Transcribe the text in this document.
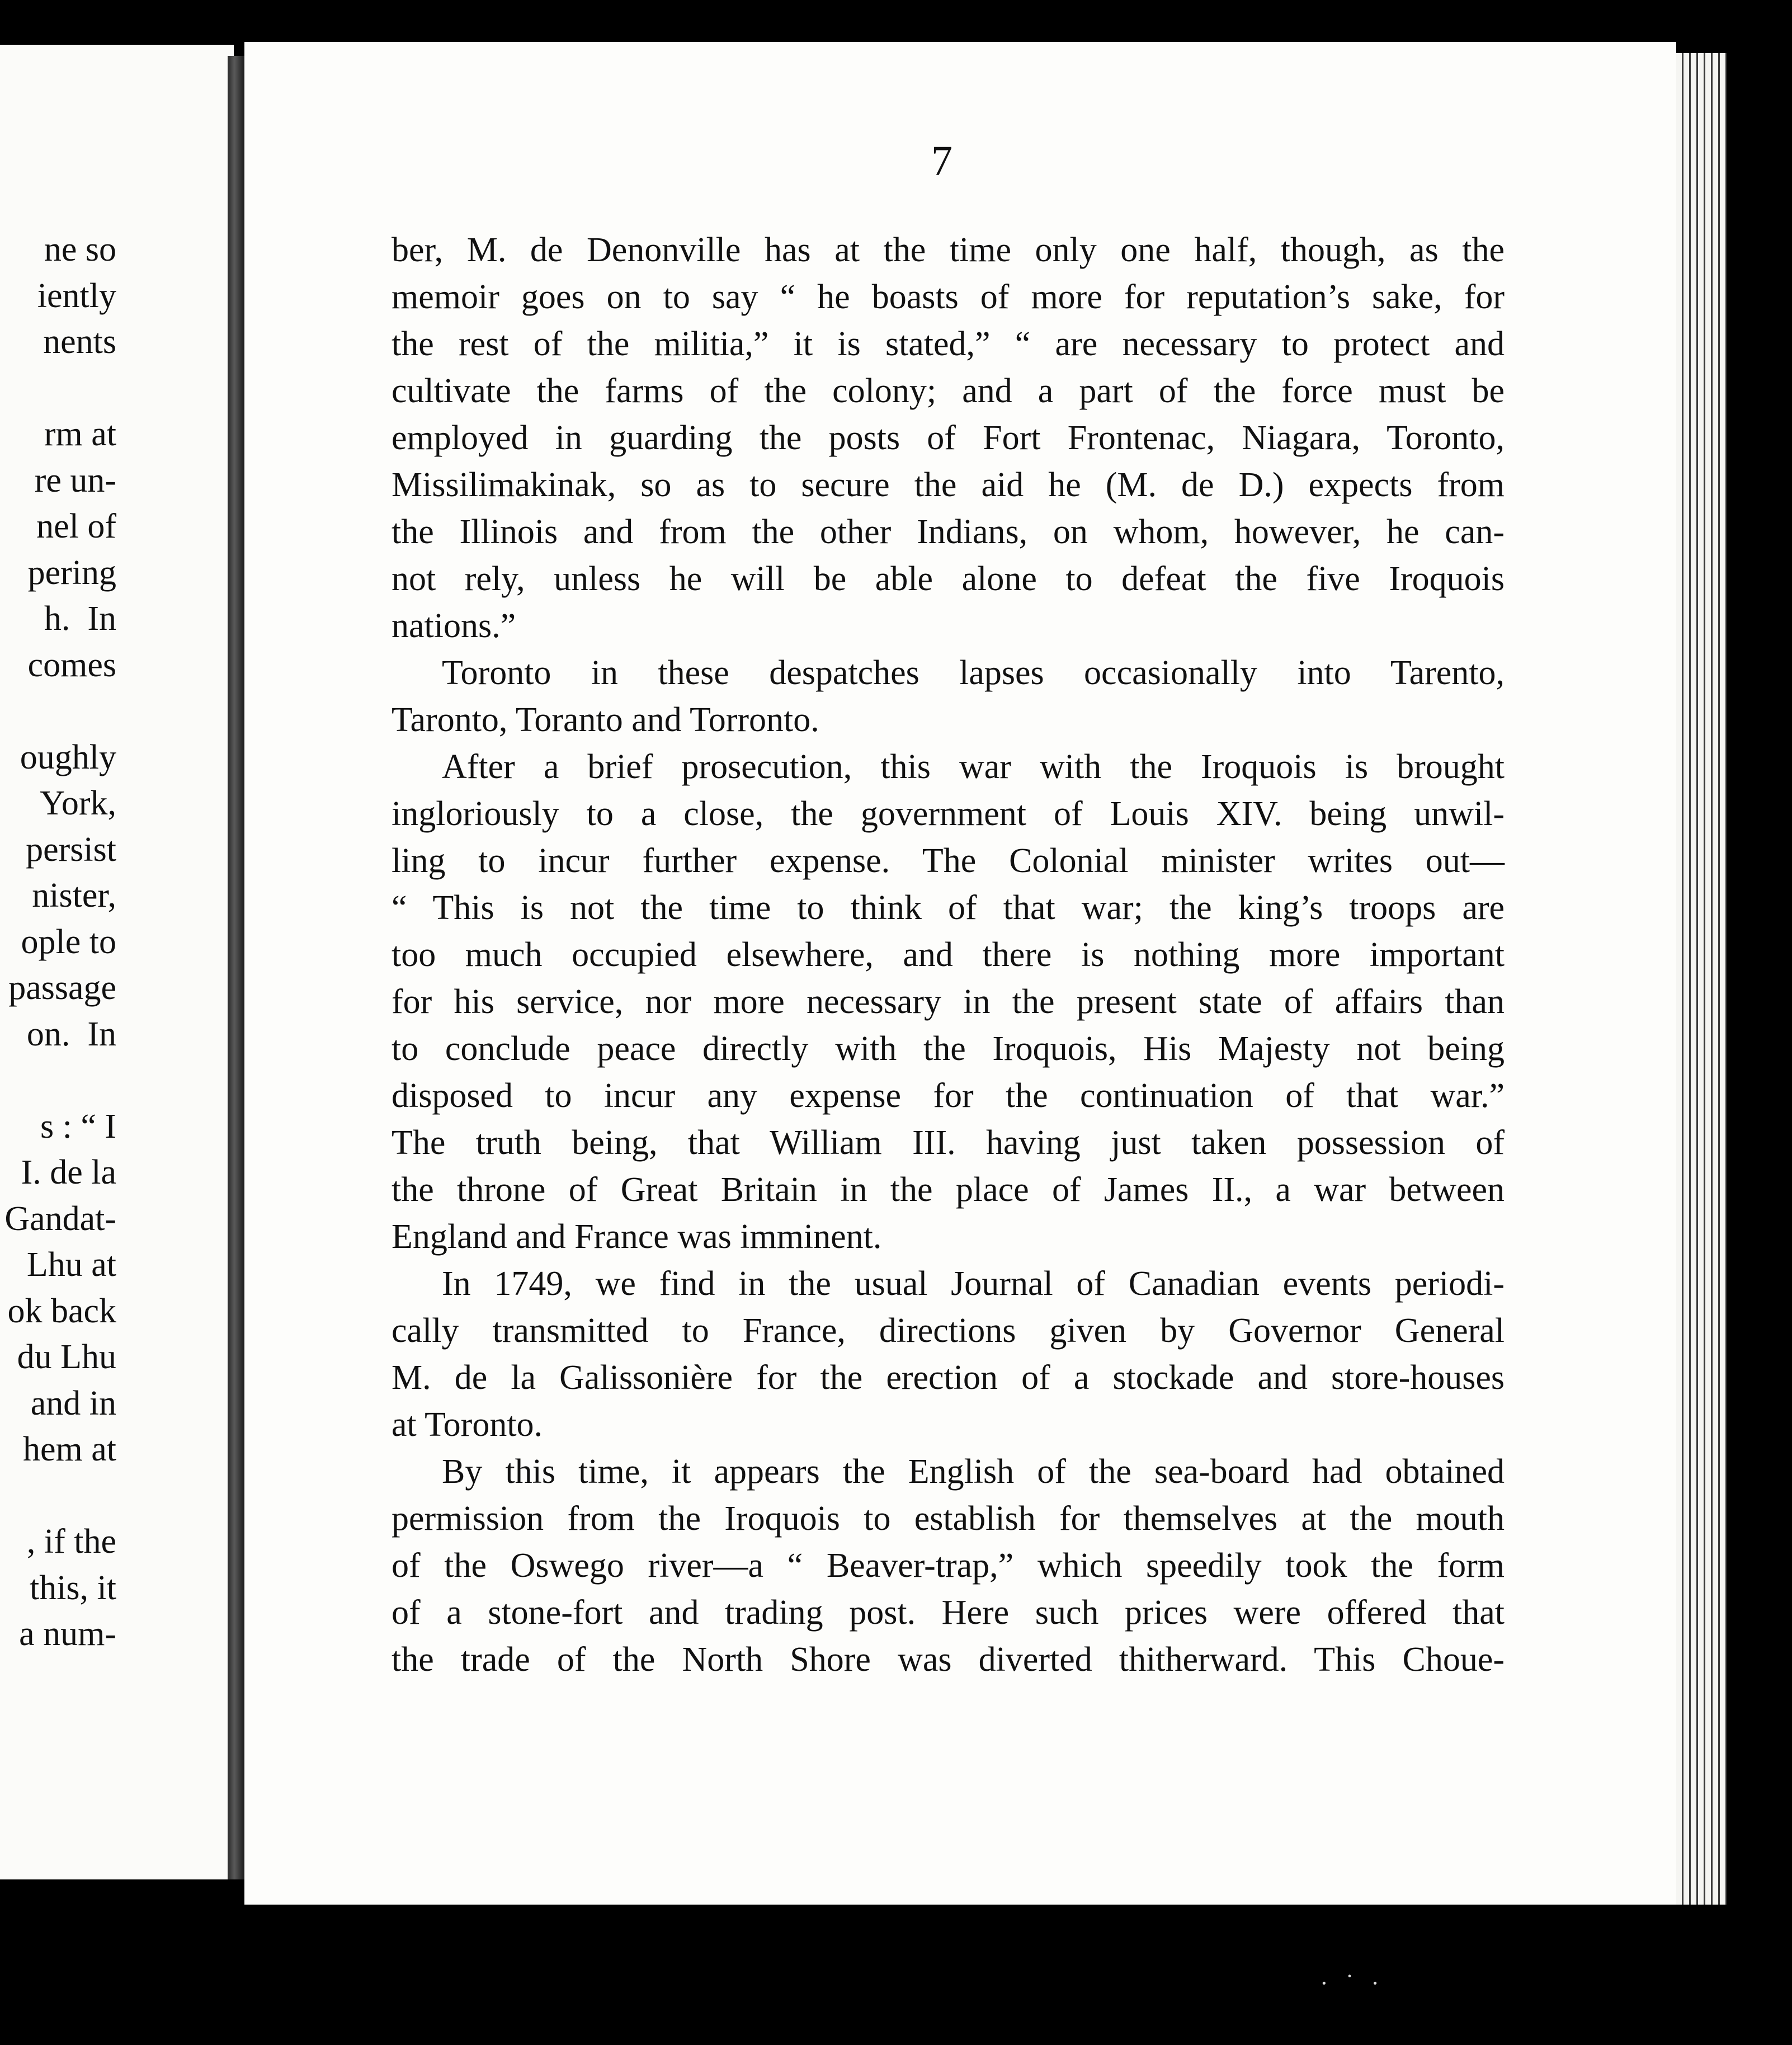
ne so
iently
nents
rm at
re un-
nel of
pering
h.  In
comes
oughly
York,
persist
nister,
ople to
passage
on.  In
s : “ I
I. de la
Gandat-
Lhu at
ok back
du Lhu
and in
hem at
, if the
this, it
a num-
7
ber, M. de Denonville has at the time only one half, though, as the
memoir goes on to say “ he boasts of more for reputation’s sake, for
the rest of the militia,” it is stated,” “ are necessary to protect and
cultivate the farms of the colony; and a part of the force must be
employed in guarding the posts of Fort Frontenac, Niagara, Toronto,
Missilimakinak, so as to secure the aid he (M. de D.) expects from
the Illinois and from the other Indians, on whom, however, he can-
not rely, unless he will be able alone to defeat the five Iroquois
nations.”
Toronto in these despatches lapses occasionally into Tarento,
Taronto, Toranto and Torronto.
After a brief prosecution, this war with the Iroquois is brought
ingloriously to a close, the government of Louis XIV. being unwil-
ling to incur further expense. The Colonial minister writes out—
“ This is not the time to think of that war; the king’s troops are
too much occupied elsewhere, and there is nothing more important
for his service, nor more necessary in the present state of affairs than
to conclude peace directly with the Iroquois, His Majesty not being
disposed to incur any expense for the continuation of that war.”
The truth being, that William III. having just taken possession of
the throne of Great Britain in the place of James II., a war between
England and France was imminent.
In 1749, we find in the usual Journal of Canadian events periodi-
cally transmitted to France, directions given by Governor General
M. de la Galissonière for the erection of a stockade and store-houses
at Toronto.
By this time, it appears the English of the sea-board had obtained
permission from the Iroquois to establish for themselves at the mouth
of the Oswego river—a “ Beaver-trap,” which speedily took the form
of a stone-fort and trading post. Here such prices were offered that
the trade of the North Shore was diverted thitherward. This Choue-
· ˙ ·
